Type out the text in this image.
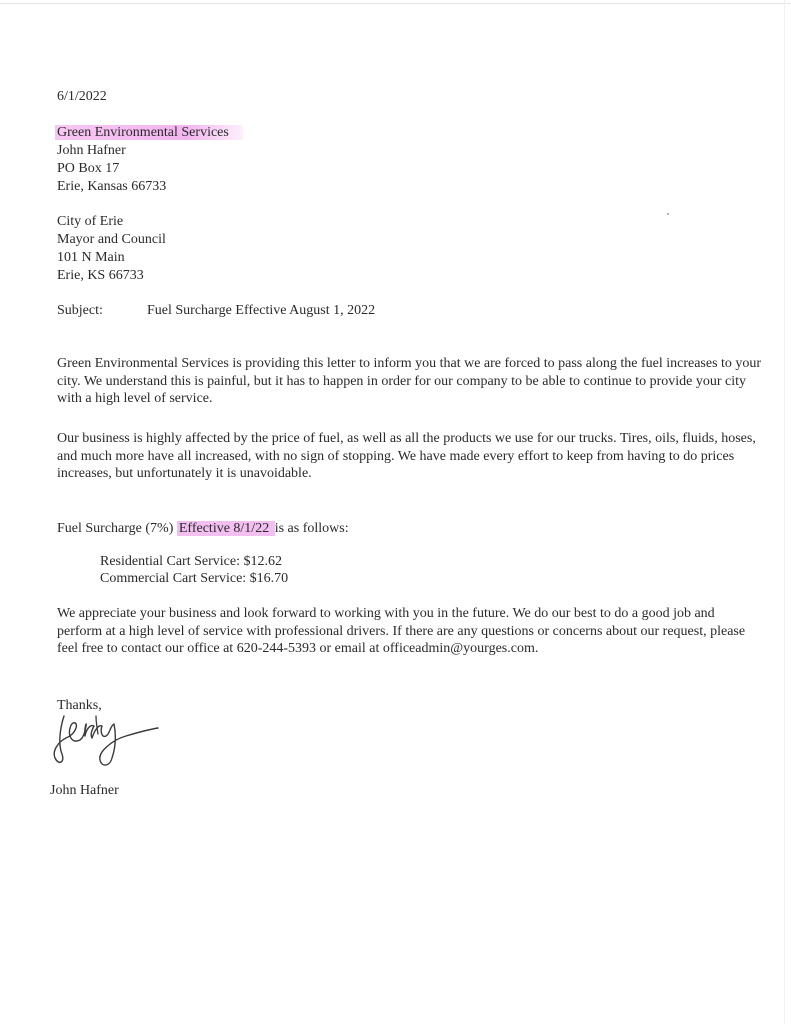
6/1/2022
Green Environmental Services
John Hafner
PO Box 17
Erie, Kansas 66733
City of Erie
Mayor and Council
101 N Main
Erie, KS 66733
Subject:	Fuel Surcharge Effective August 1, 2022
Green Environmental Services is providing this letter to inform you that we are forced to pass along the fuel increases to your city. We understand this is painful, but it has to happen in order for our company to be able to continue to provide your city with a high level of service.
Our business is highly affected by the price of fuel, as well as all the products we use for our trucks. Tires, oils, fluids, hoses, and much more have all increased, with no sign of stopping. We have made every effort to keep from having to do prices increases, but unfortunately it is unavoidable.
Fuel Surcharge (7%) Effective 8/1/22 is as follows:
Residential Cart Service: $12.62
Commercial Cart Service: $16.70
We appreciate your business and look forward to working with you in the future. We do our best to do a good job and perform at a high level of service with professional drivers. If there are any questions or concerns about our request, please feel free to contact our office at 620-244-5393 or email at officeadmin@yourges.com.
Thanks,
John Hafner
